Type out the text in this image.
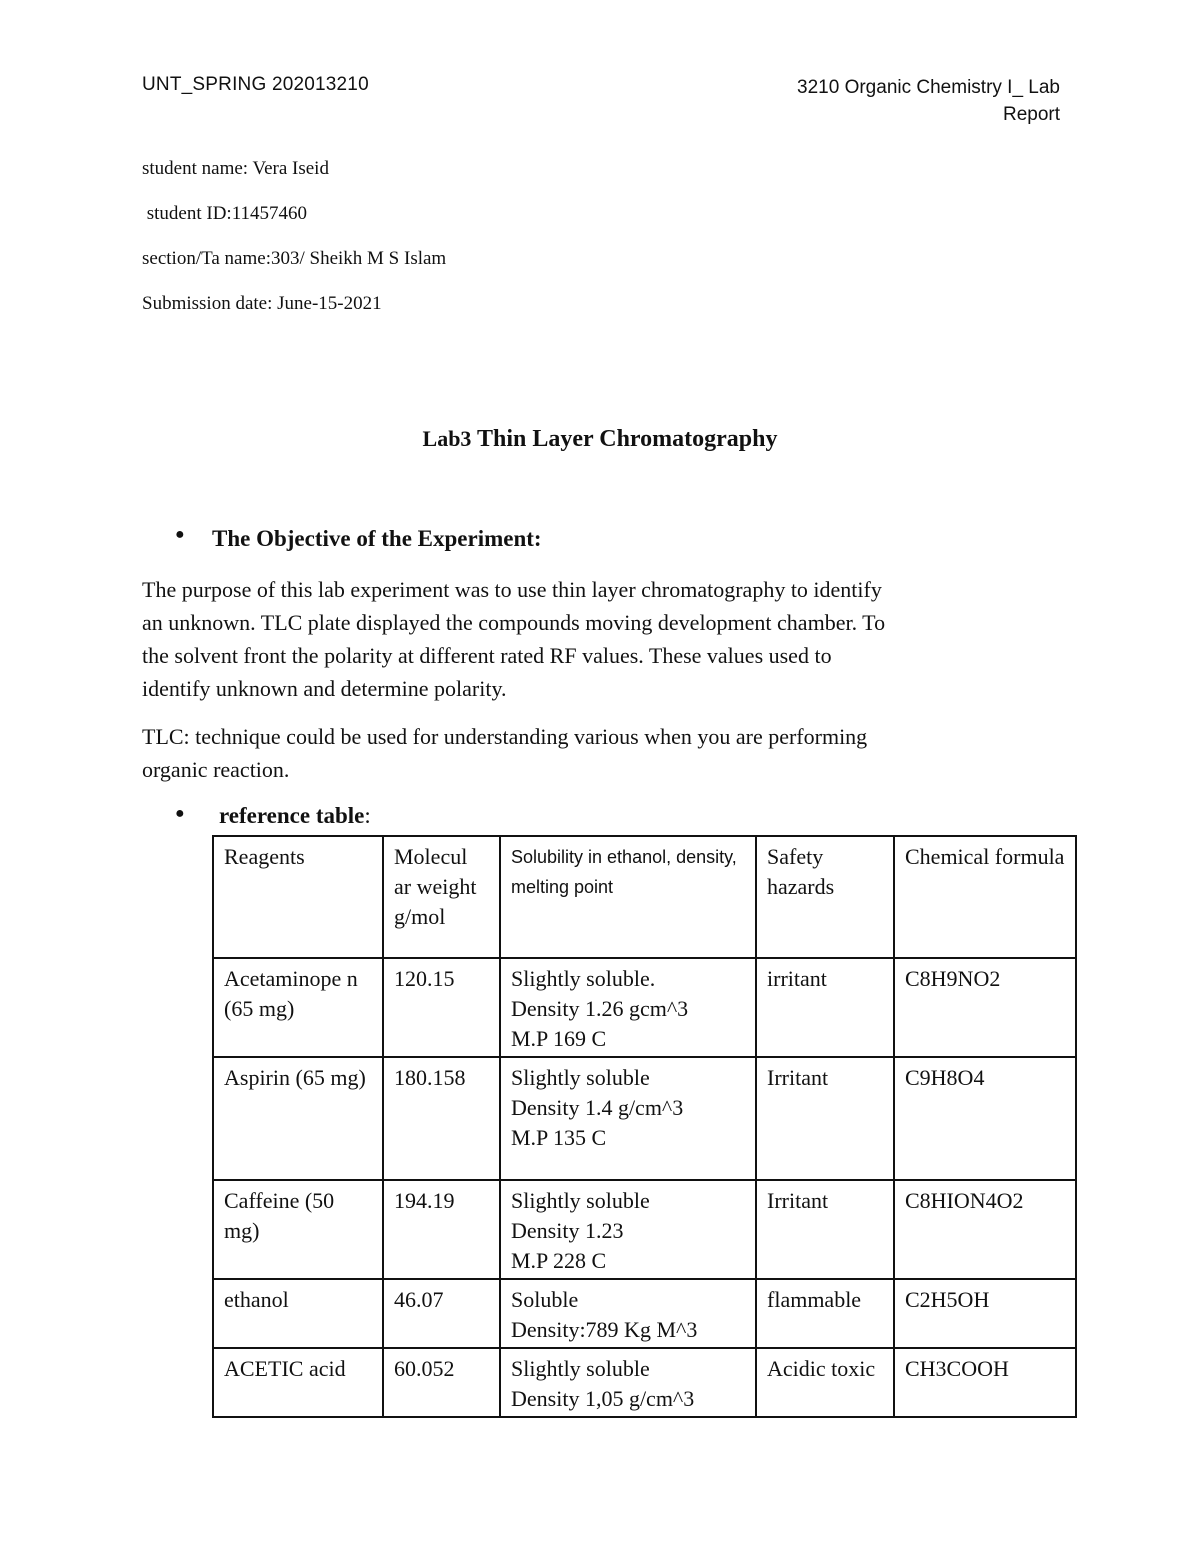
UNT_SPRING 202013210	3210 Organic Chemistry I_ Lab
Report
student name: Vera Iseid
student ID:11457460
section/Ta name:303/ Sheikh M S Islam
Submission date: June-15-2021
Lab3 Thin Layer Chromatography
● The Objective of the Experiment:
The purpose of this lab experiment was to use thin layer chromatography to identify
an unknown. TLC plate displayed the compounds moving development chamber. To
the solvent front the polarity at different rated RF values. These values used to
identify unknown and determine polarity.
TLC: technique could be used for understanding various when you are performing
organic reaction.
● reference table:
Reagents	Molecul ar weight g/mol	Solubility in ethanol, density, melting point	Safety hazards	Chemical formula
Acetaminope n (65 mg)	120.15	Slightly soluble.
Density 1.26 gcm^3
M.P 169 C	irritant	C8H9NO2
Aspirin (65 mg)	180.158	Slightly soluble
Density 1.4 g/cm^3
M.P 135 C	Irritant	C9H8O4
Caffeine (50 mg)	194.19	Slightly soluble
Density 1.23
M.P 228 C	Irritant	C8HION4O2
ethanol	46.07	Soluble
Density:789 Kg M^3	flammable	C2H5OH
ACETIC acid	60.052	Slightly soluble
Density 1,05 g/cm^3	Acidic toxic	CH3COOH
